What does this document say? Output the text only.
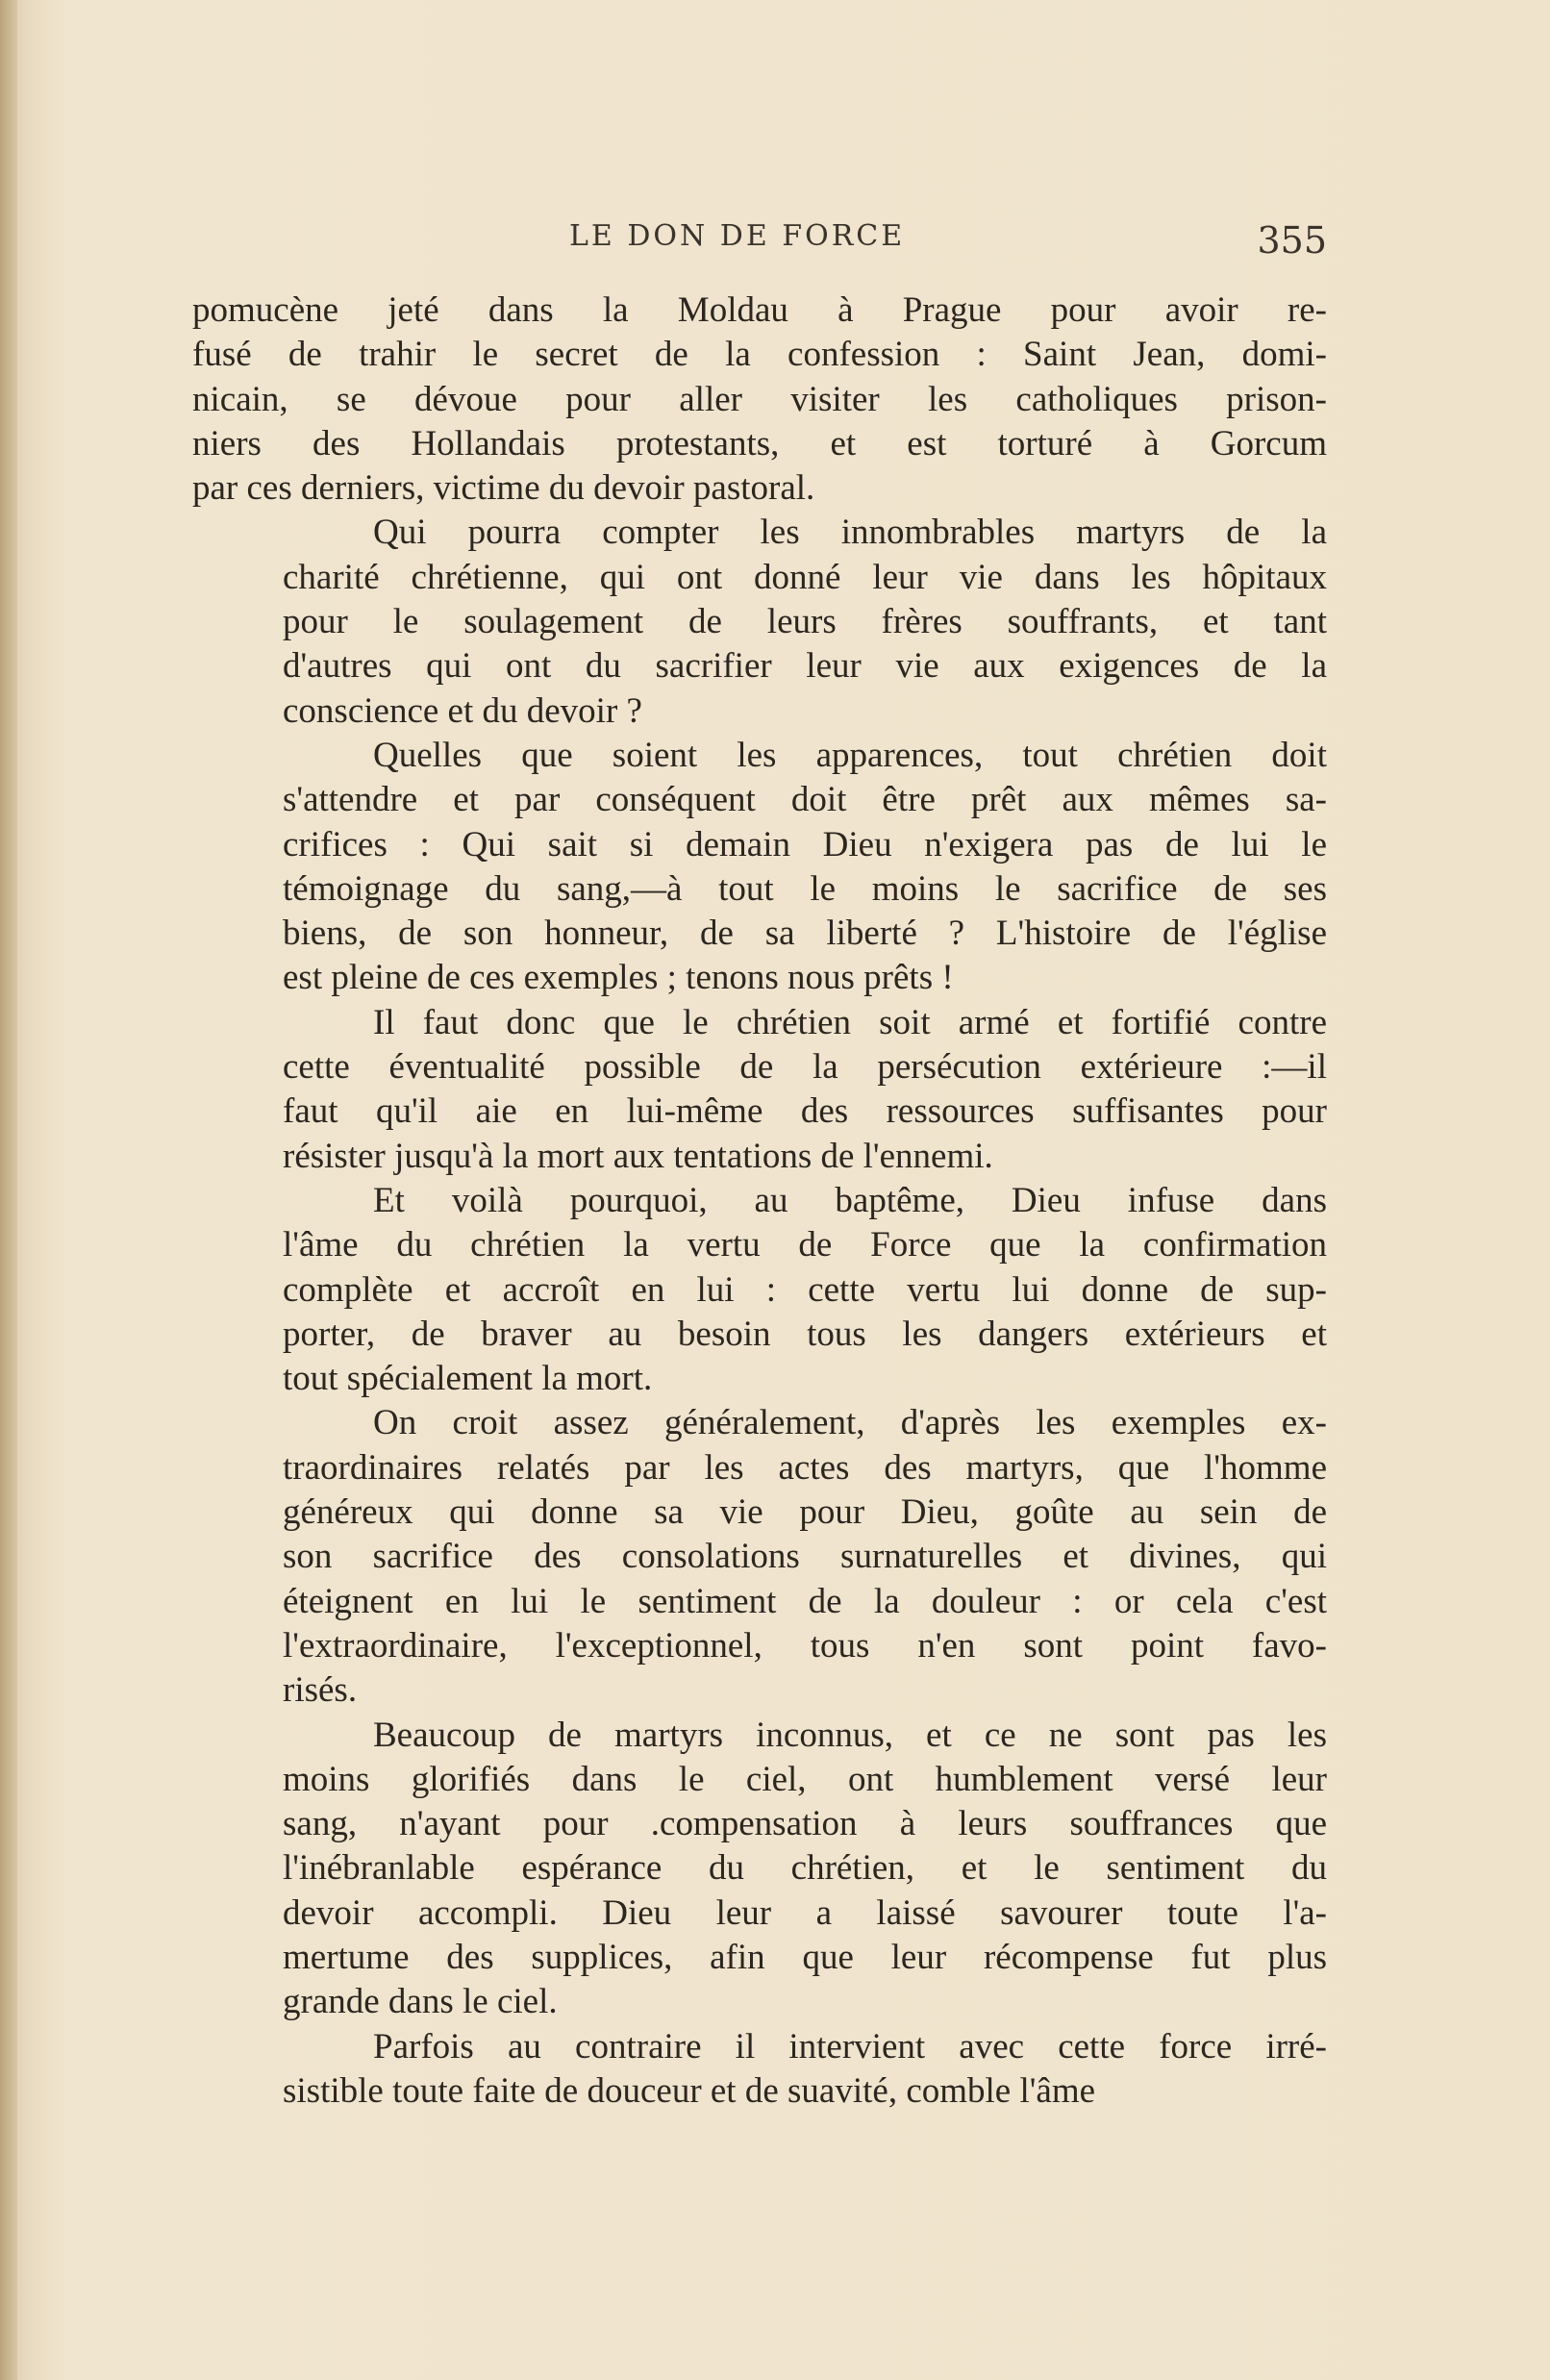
LE DON DE FORCE	355

pomucène jeté dans la Moldau à Prague pour avoir re-
fusé de trahir le secret de la confession : Saint Jean, domi-
nicain, se dévoue pour aller visiter les catholiques prison-
niers des Hollandais protestants, et est torturé à Gorcum
par ces derniers, victime du devoir pastoral.

Qui pourra compter les innombrables martyrs de la
charité chrétienne, qui ont donné leur vie dans les hôpitaux
pour le soulagement de leurs frères souffrants, et tant
d'autres qui ont du sacrifier leur vie aux exigences de la
conscience et du devoir ?

Quelles que soient les apparences, tout chrétien doit
s'attendre et par conséquent doit être prêt aux mêmes sa-
crifices : Qui sait si demain Dieu n'exigera pas de lui le
témoignage du sang,—à tout le moins le sacrifice de ses
biens, de son honneur, de sa liberté ? L'histoire de l'église
est pleine de ces exemples ; tenons nous prêts !

Il faut donc que le chrétien soit armé et fortifié contre
cette éventualité possible de la persécution extérieure :—il
faut qu'il aie en lui-même des ressources suffisantes pour
résister jusqu'à la mort aux tentations de l'ennemi.

Et voilà pourquoi, au baptême, Dieu infuse dans
l'âme du chrétien la vertu de Force que la confirmation
complète et accroît en lui : cette vertu lui donne de sup-
porter, de braver au besoin tous les dangers extérieurs et
tout spécialement la mort.

On croit assez généralement, d'après les exemples ex-
traordinaires relatés par les actes des martyrs, que l'homme
généreux qui donne sa vie pour Dieu, goûte au sein de
son sacrifice des consolations surnaturelles et divines, qui
éteignent en lui le sentiment de la douleur : or cela c'est
l'extraordinaire, l'exceptionnel, tous n'en sont point favo-
risés.

Beaucoup de martyrs inconnus, et ce ne sont pas les
moins glorifiés dans le ciel, ont humblement versé leur
sang, n'ayant pour .compensation à leurs souffrances que
l'inébranlable espérance du chrétien, et le sentiment du
devoir accompli. Dieu leur a laissé savourer toute l'a-
mertume des supplices, afin que leur récompense fut plus
grande dans le ciel.

Parfois au contraire il intervient avec cette force irré-
sistible toute faite de douceur et de suavité, comble l'âme
